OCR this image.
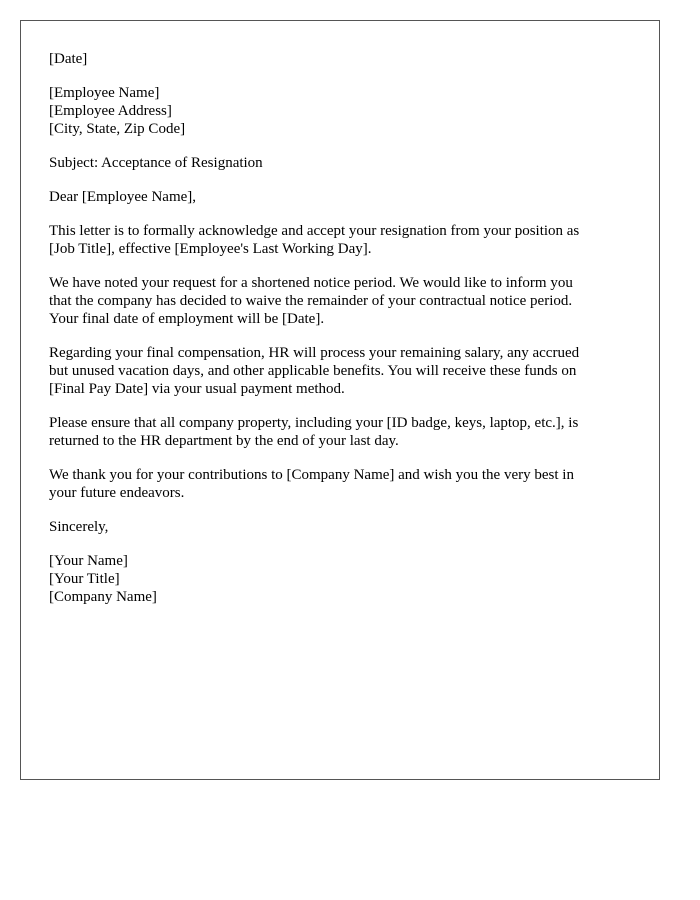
[Date]

[Employee Name]
[Employee Address]
[City, State, Zip Code]

Subject: Acceptance of Resignation

Dear [Employee Name],

This letter is to formally acknowledge and accept your resignation from your position as
[Job Title], effective [Employee's Last Working Day].

We have noted your request for a shortened notice period. We would like to inform you
that the company has decided to waive the remainder of your contractual notice period.
Your final date of employment will be [Date].

Regarding your final compensation, HR will process your remaining salary, any accrued
but unused vacation days, and other applicable benefits. You will receive these funds on
[Final Pay Date] via your usual payment method.

Please ensure that all company property, including your [ID badge, keys, laptop, etc.], is
returned to the HR department by the end of your last day.

We thank you for your contributions to [Company Name] and wish you the very best in
your future endeavors.

Sincerely,

[Your Name]
[Your Title]
[Company Name]
